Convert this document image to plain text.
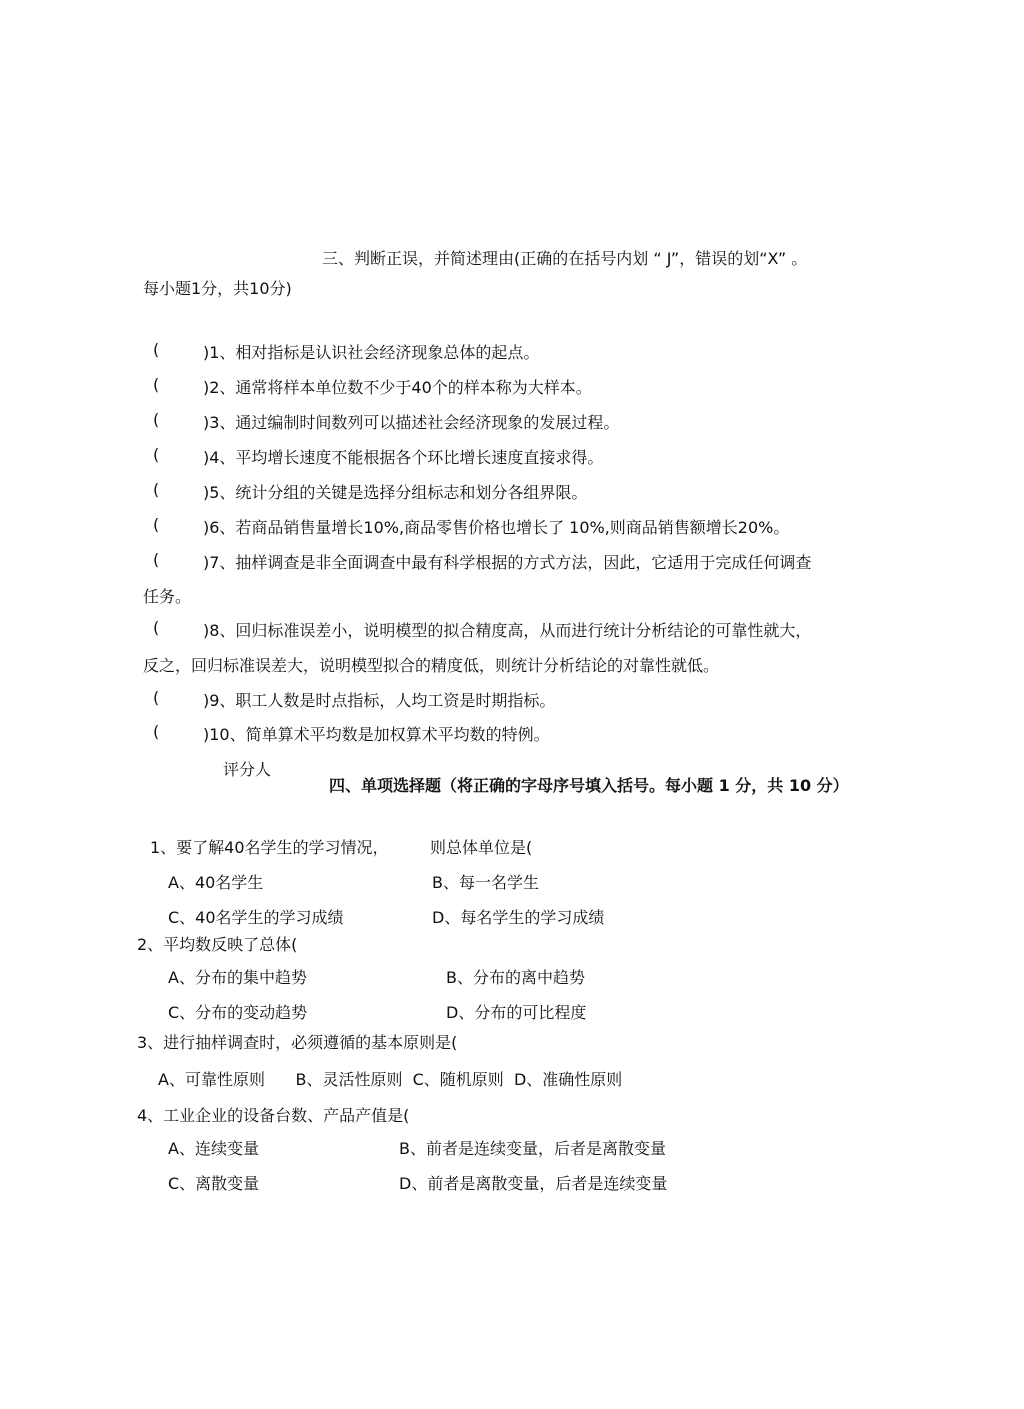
三、判断正误，并简述理由(正确的在括号内划 “ J”，错误的划“X” 。
每小题1分，共10分)
(	)1、相对指标是认识社会经济现象总体的起点。
(	)2、通常将样本单位数不少于40个的样本称为大样本。
(	)3、通过编制时间数列可以描述社会经济现象的发展过程。
(	)4、平均增长速度不能根据各个环比增长速度直接求得。
(	)5、统计分组的关键是选择分组标志和划分各组界限。
(	)6、若商品销售量增长10%,商品零售价格也增长了 10%,则商品销售额增长20%。
(	)7、抽样调查是非全面调查中最有科学根据的方式方法，因此，它适用于完成任何调查
任务。
(	)8、回归标准误差小，说明模型的拟合精度高，从而进行统计分析结论的可靠性就大，
反之，回归标准误差大，说明模型拟合的精度低，则统计分析结论的对靠性就低。
(	)9、职工人数是时点指标，人均工资是时期指标。
(	)10、简单算术平均数是加权算术平均数的特例。
评分人
四、单项选择题（将正确的字母序号填入括号。每小题 1 分，共 10 分）
1、要了解40名学生的学习情况，	则总体单位是(
A、40名学生	B、每一名学生
C、40名学生的学习成绩	D、每名学生的学习成绩
2、平均数反映了总体(
A、分布的集中趋势	B、分布的离中趋势
C、分布的变动趋势	D、分布的可比程度
3、进行抽样调查时，必须遵循的基本原则是(
A、可靠性原则      B、灵活性原则  C、随机原则  D、准确性原则
4、工业企业的设备台数、产品产值是(
A、连续变量	B、前者是连续变量，后者是离散变量
C、离散变量	D、前者是离散变量，后者是连续变量
